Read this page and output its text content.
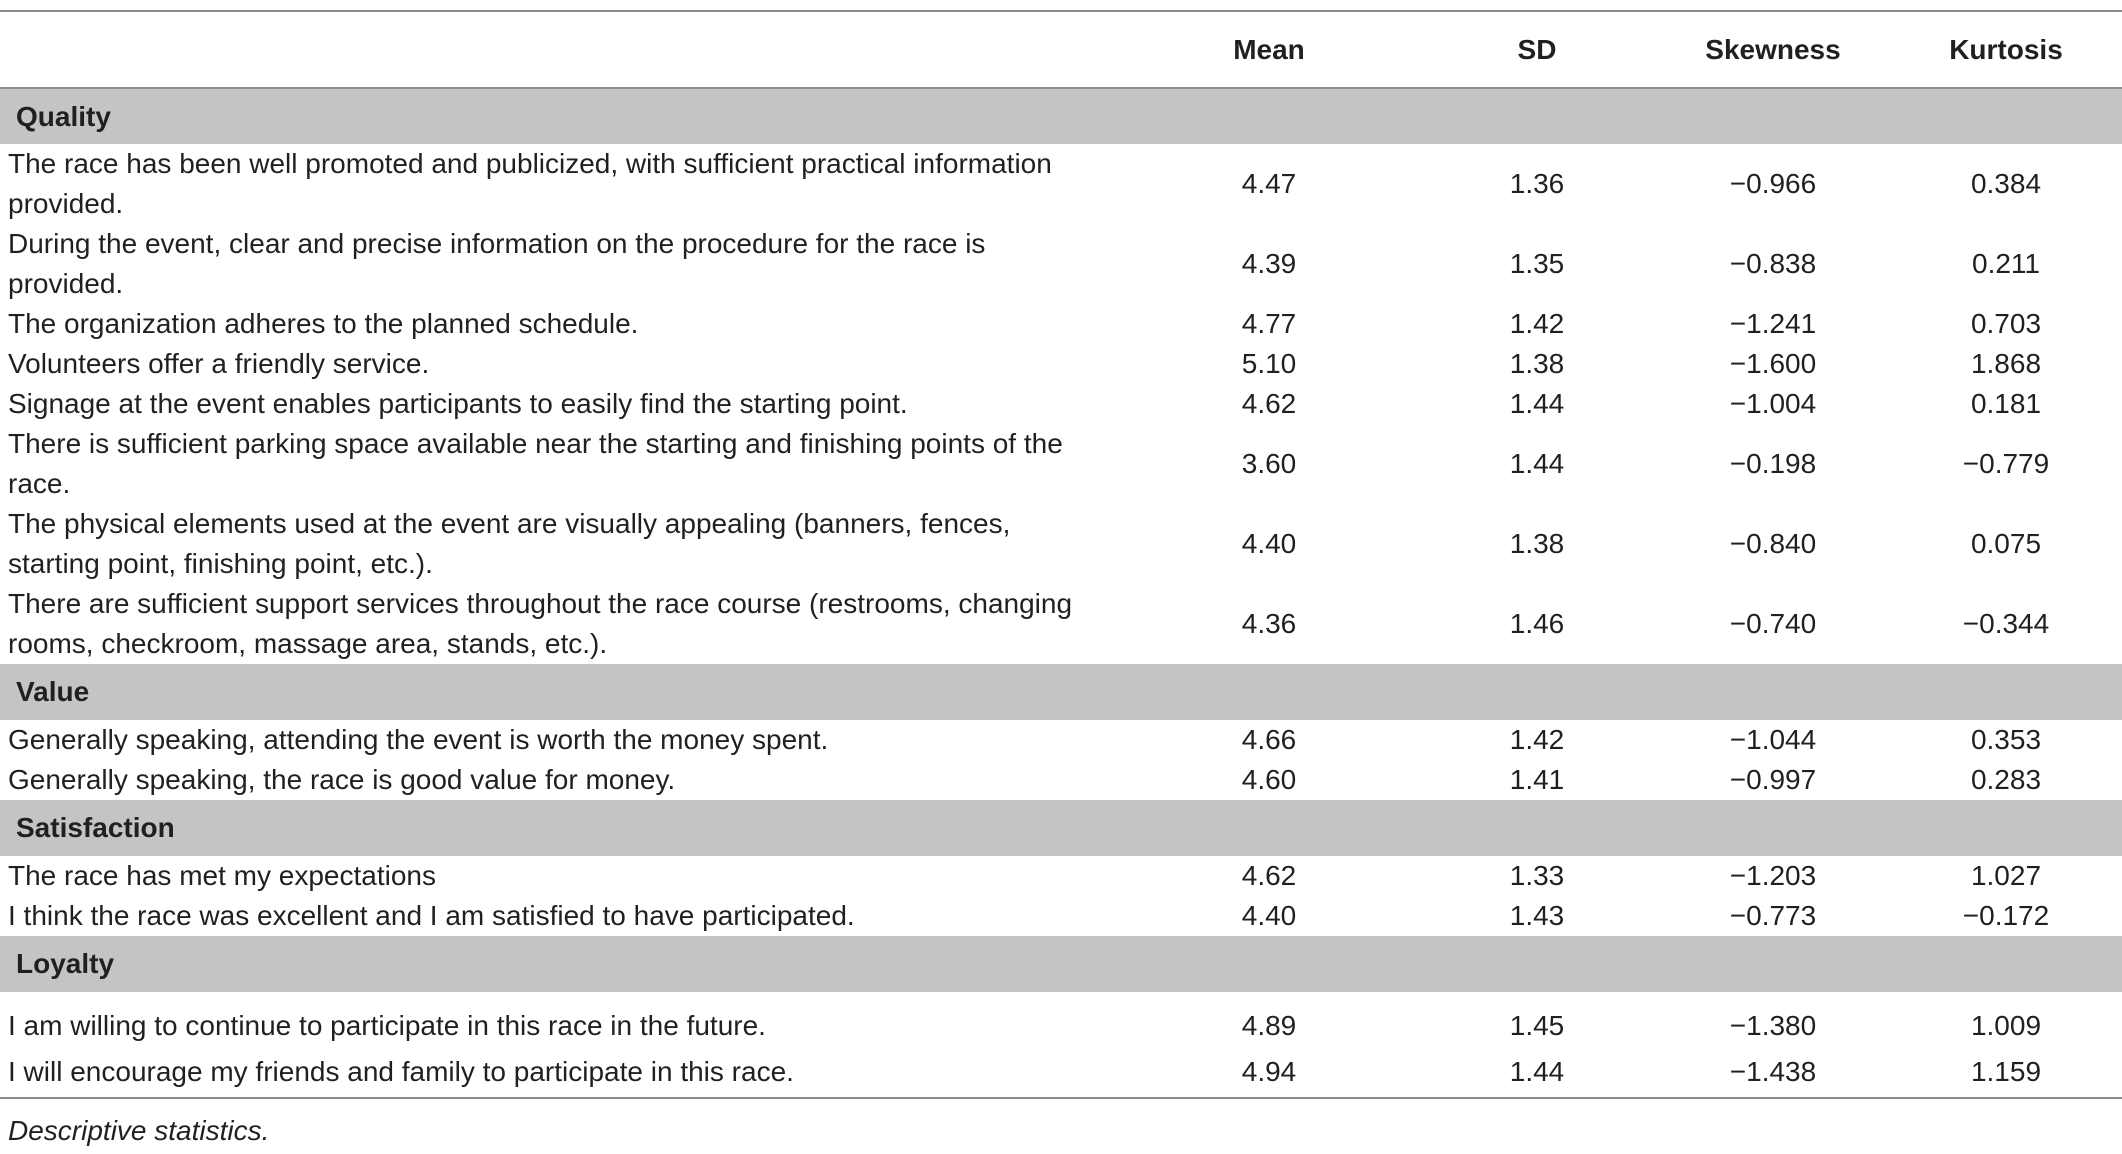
	Mean	SD	Skewness	Kurtosis
Quality				
The race has been well promoted and publicized, with sufficient practical information provided.	4.47	1.36	−0.966	0.384
During the event, clear and precise information on the procedure for the race is provided.	4.39	1.35	−0.838	0.211
The organization adheres to the planned schedule.	4.77	1.42	−1.241	0.703
Volunteers offer a friendly service.	5.10	1.38	−1.600	1.868
Signage at the event enables participants to easily find the starting point.	4.62	1.44	−1.004	0.181
There is sufficient parking space available near the starting and finishing points of the race.	3.60	1.44	−0.198	−0.779
The physical elements used at the event are visually appealing (banners, fences, starting point, finishing point, etc.).	4.40	1.38	−0.840	0.075
There are sufficient support services throughout the race course (restrooms, changing rooms, checkroom, massage area, stands, etc.).	4.36	1.46	−0.740	−0.344
Value				
Generally speaking, attending the event is worth the money spent.	4.66	1.42	−1.044	0.353
Generally speaking, the race is good value for money.	4.60	1.41	−0.997	0.283
Satisfaction				
The race has met my expectations	4.62	1.33	−1.203	1.027
I think the race was excellent and I am satisfied to have participated.	4.40	1.43	−0.773	−0.172
Loyalty				
I am willing to continue to participate in this race in the future.	4.89	1.45	−1.380	1.009
I will encourage my friends and family to participate in this race.	4.94	1.44	−1.438	1.159
Descriptive statistics.
